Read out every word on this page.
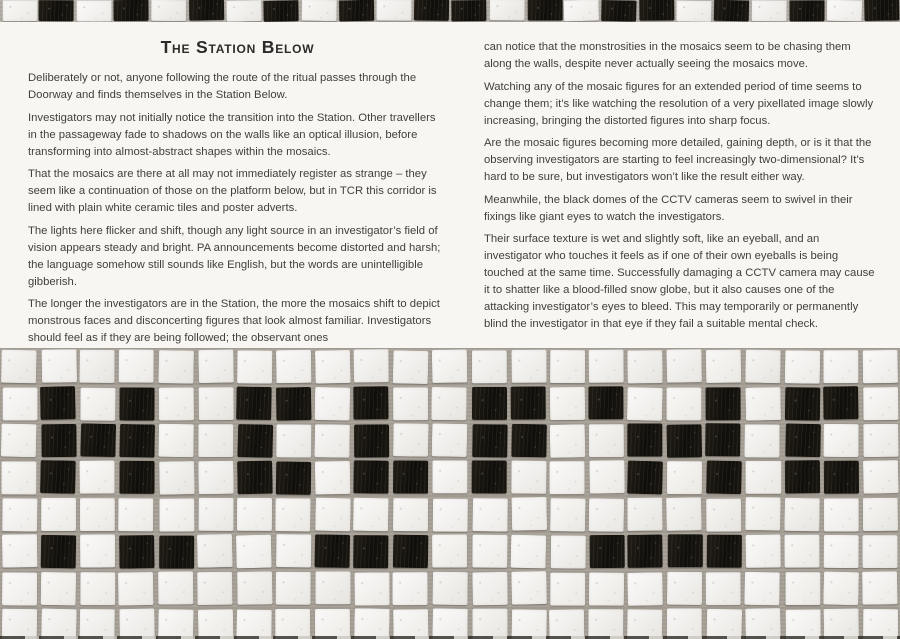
The Station Below

Deliberately or not, anyone following the route of the ritual passes through the Doorway and finds themselves in the Station Below.

Investigators may not initially notice the transition into the Station. Other travellers in the passageway fade to shadows on the walls like an optical illusion, before transforming into almost-abstract shapes within the mosaics.

That the mosaics are there at all may not immediately register as strange – they seem like a continuation of those on the platform below, but in TCR this corridor is lined with plain white ceramic tiles and poster adverts.

The lights here flicker and shift, though any light source in an investigator’s field of vision appears steady and bright. PA announcements become distorted and harsh; the language somehow still sounds like English, but the words are unintelligible gibberish.

The longer the investigators are in the Station, the more the mosaics shift to depict monstrous faces and disconcerting figures that look almost familiar. Investigators should feel as if they are being followed; the observant ones

can notice that the monstrosities in the mosaics seem to be chasing them along the walls, despite never actually seeing the mosaics move.

Watching any of the mosaic figures for an extended period of time seems to change them; it’s like watching the resolution of a very pixellated image slowly increasing, bringing the distorted figures into sharp focus.

Are the mosaic figures becoming more detailed, gaining depth, or is it that the observing investigators are starting to feel increasingly two-dimensional? It’s hard to be sure, but investigators won’t like the result either way.

Meanwhile, the black domes of the CCTV cameras seem to swivel in their fixings like giant eyes to watch the investigators.

Their surface texture is wet and slightly soft, like an eyeball, and an investigator who touches it feels as if one of their own eyeballs is being touched at the same time. Successfully damaging a CCTV camera may cause it to shatter like a blood-filled snow globe, but it also causes one of the attacking investigator’s eyes to bleed. This may temporarily or permanently blind the investigator in that eye if they fail a suitable mental check.
